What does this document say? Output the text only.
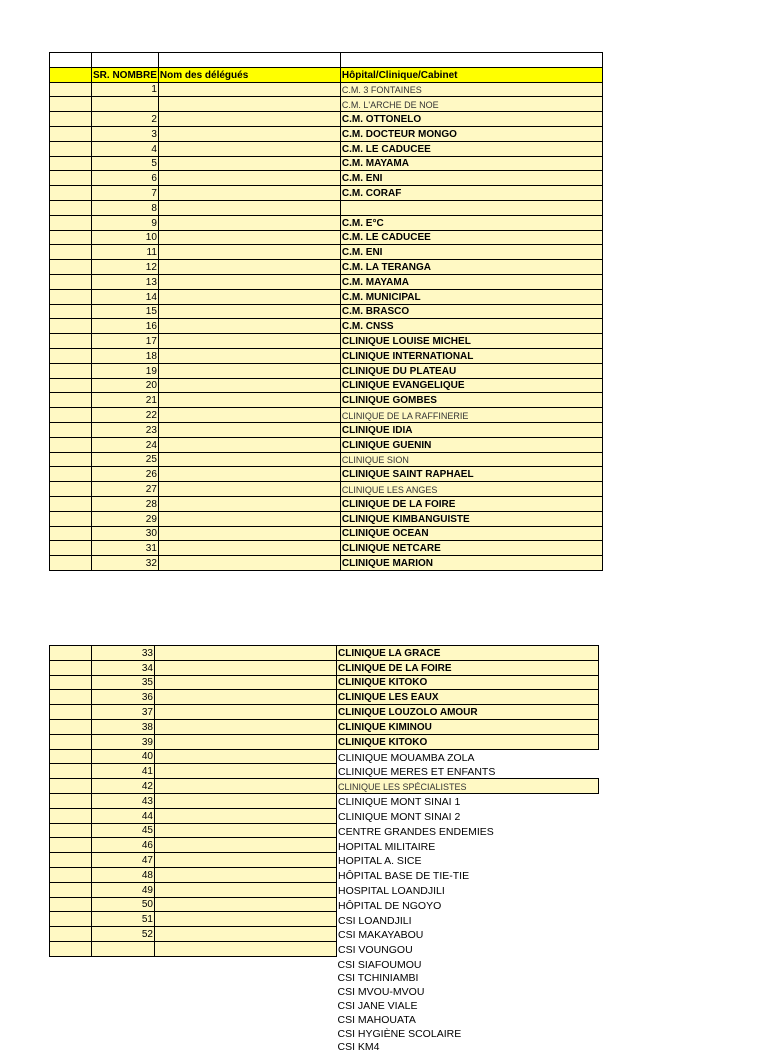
	SR. NOMBRE	Nom des délégués	Hôpital/Clinique/Cabinet
	1		C.M. 3 FONTAINES
			C.M. L'ARCHE DE NOE
	2		C.M. OTTONELO
	3		C.M. DOCTEUR MONGO
	4		C.M. LE CADUCEE
	5		C.M. MAYAMA
	6		C.M. ENI
	7		C.M. CORAF
	8		
	9		C.M. E°C
	10		C.M. LE CADUCEE
	11		C.M. ENI
	12		C.M. LA TERANGA
	13		C.M. MAYAMA
	14		C.M. MUNICIPAL
	15		C.M. BRASCO
	16		C.M. CNSS
	17		CLINIQUE LOUISE MICHEL
	18		CLINIQUE INTERNATIONAL
	19		CLINIQUE DU PLATEAU
	20		CLINIQUE EVANGELIQUE
	21		CLINIQUE GOMBES
	22		CLINIQUE DE LA RAFFINERIE
	23		CLINIQUE IDIA
	24		CLINIQUE GUENIN
	25		CLINIQUE SION
	26		CLINIQUE SAINT RAPHAEL
	27		CLINIQUE LES ANGES
	28		CLINIQUE DE LA FOIRE
	29		CLINIQUE KIMBANGUISTE
	30		CLINIQUE OCEAN
	31		CLINIQUE NETCARE
	32		CLINIQUE MARION
	33		CLINIQUE LA GRACE
	34		CLINIQUE DE LA FOIRE
	35		CLINIQUE KITOKO
	36		CLINIQUE LES EAUX
	37		CLINIQUE LOUZOLO AMOUR
	38		CLINIQUE KIMINOU
	39		CLINIQUE KITOKO
	40		CLINIQUE MOUAMBA ZOLA
	41		CLINIQUE MERES ET ENFANTS
	42		CLINIQUE LES SPÉCIALISTES
	43		CLINIQUE MONT SINAI 1
	44		CLINIQUE MONT SINAI 2
	45		CENTRE GRANDES ENDEMIES
	46		HOPITAL MILITAIRE
	47		HOPITAL A. SICE
	48		HÔPITAL BASE DE TIE-TIE
	49		HOSPITAL LOANDJILI
	50		HÔPITAL DE NGOYO
	51		CSI LOANDJILI
	52		CSI MAKAYABOU
			CSI VOUNGOU
			CSI SIAFOUMOU
			CSI TCHINIAMBI
			CSI MVOU-MVOU
			CSI JANE VIALE
			CSI MAHOUATA
			CSI HYGIÈNE SCOLAIRE
			CSI KM4
